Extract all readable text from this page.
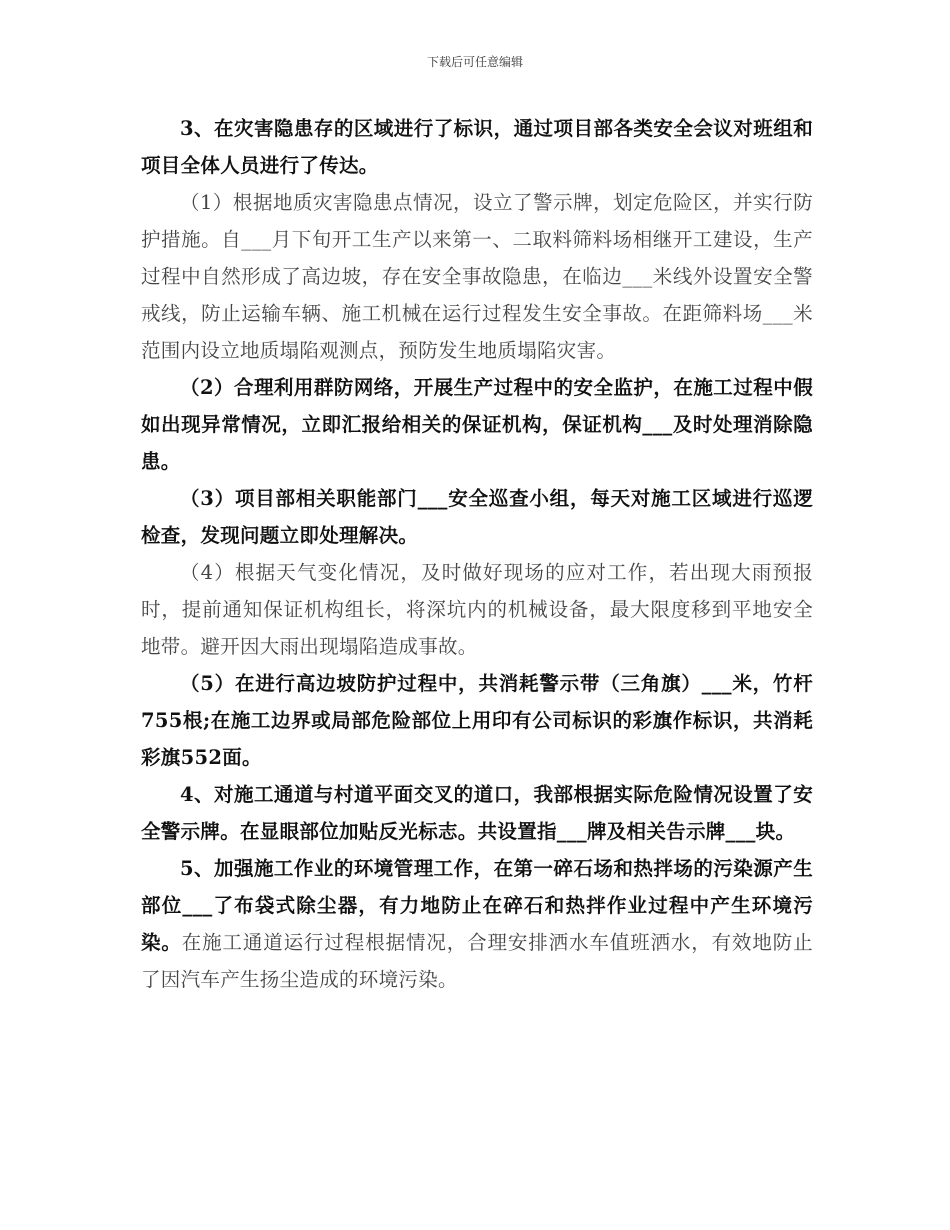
下载后可任意编辑

3、在灾害隐患存的区域进行了标识，通过项目部各类安全会议对班组和项目全体人员进行了传达。

（1）根据地质灾害隐患点情况，设立了警示牌，划定危险区，并实行防护措施。自___月下旬开工生产以来第一、二取料筛料场相继开工建设，生产过程中自然形成了高边坡，存在安全事故隐患，在临边___米线外设置安全警戒线，防止运输车辆、施工机械在运行过程发生安全事故。在距筛料场___米范围内设立地质塌陷观测点，预防发生地质塌陷灾害。

（2）合理利用群防网络，开展生产过程中的安全监护，在施工过程中假如出现异常情况，立即汇报给相关的保证机构，保证机构___及时处理消除隐患。

（3）项目部相关职能部门___安全巡查小组，每天对施工区域进行巡逻检查，发现问题立即处理解决。

（4）根据天气变化情况，及时做好现场的应对工作，若出现大雨预报时，提前通知保证机构组长，将深坑内的机械设备，最大限度移到平地安全地带。避开因大雨出现塌陷造成事故。

（5）在进行高边坡防护过程中，共消耗警示带（三角旗）___米，竹杆755根;在施工边界或局部危险部位上用印有公司标识的彩旗作标识，共消耗彩旗552面。

4、对施工通道与村道平面交叉的道口，我部根据实际危险情况设置了安全警示牌。在显眼部位加贴反光标志。共设置指___牌及相关告示牌___块。

5、加强施工作业的环境管理工作，在第一碎石场和热拌场的污染源产生部位___了布袋式除尘器，有力地防止在碎石和热拌作业过程中产生环境污染。在施工通道运行过程根据情况，合理安排洒水车值班洒水，有效地防止了因汽车产生扬尘造成的环境污染。
